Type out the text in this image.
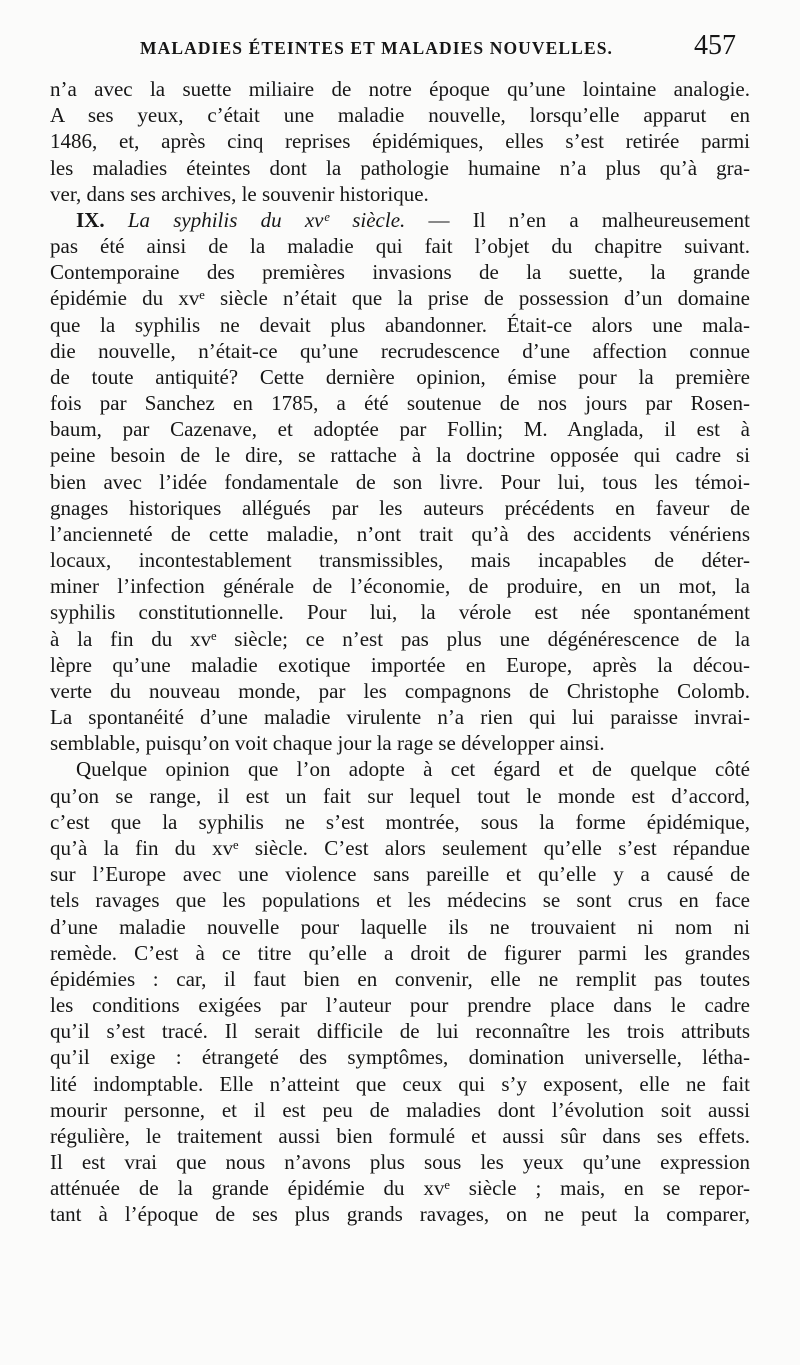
MALADIES ÉTEINTES ET MALADIES NOUVELLES.	457
n’a avec la suette miliaire de notre époque qu’une lointaine analogie.
A ses yeux, c’était une maladie nouvelle, lorsqu’elle apparut en
1486, et, après cinq reprises épidémiques, elles s’est retirée parmi
les maladies éteintes dont la pathologie humaine n’a plus qu’à gra-
ver, dans ses archives, le souvenir historique.
IX. La syphilis du xvᵉ siècle. — Il n’en a malheureusement
pas été ainsi de la maladie qui fait l’objet du chapitre suivant.
Contemporaine des premières invasions de la suette, la grande
épidémie du xvᵉ siècle n’était que la prise de possession d’un domaine
que la syphilis ne devait plus abandonner. Était-ce alors une mala-
die nouvelle, n’était-ce qu’une recrudescence d’une affection connue
de toute antiquité? Cette dernière opinion, émise pour la première
fois par Sanchez en 1785, a été soutenue de nos jours par Rosen-
baum, par Cazenave, et adoptée par Follin; M. Anglada, il est à
peine besoin de le dire, se rattache à la doctrine opposée qui cadre si
bien avec l’idée fondamentale de son livre. Pour lui, tous les témoi-
gnages historiques allégués par les auteurs précédents en faveur de
l’ancienneté de cette maladie, n’ont trait qu’à des accidents vénériens
locaux, incontestablement transmissibles, mais incapables de déter-
miner l’infection générale de l’économie, de produire, en un mot, la
syphilis constitutionnelle. Pour lui, la vérole est née spontanément
à la fin du xvᵉ siècle; ce n’est pas plus une dégénérescence de la
lèpre qu’une maladie exotique importée en Europe, après la décou-
verte du nouveau monde, par les compagnons de Christophe Colomb.
La spontanéité d’une maladie virulente n’a rien qui lui paraisse invrai-
semblable, puisqu’on voit chaque jour la rage se développer ainsi.
Quelque opinion que l’on adopte à cet égard et de quelque côté
qu’on se range, il est un fait sur lequel tout le monde est d’accord,
c’est que la syphilis ne s’est montrée, sous la forme épidémique,
qu’à la fin du xvᵉ siècle. C’est alors seulement qu’elle s’est répandue
sur l’Europe avec une violence sans pareille et qu’elle y a causé de
tels ravages que les populations et les médecins se sont crus en face
d’une maladie nouvelle pour laquelle ils ne trouvaient ni nom ni
remède. C’est à ce titre qu’elle a droit de figurer parmi les grandes
épidémies : car, il faut bien en convenir, elle ne remplit pas toutes
les conditions exigées par l’auteur pour prendre place dans le cadre
qu’il s’est tracé. Il serait difficile de lui reconnaître les trois attributs
qu’il exige : étrangeté des symptômes, domination universelle, létha-
lité indomptable. Elle n’atteint que ceux qui s’y exposent, elle ne fait
mourir personne, et il est peu de maladies dont l’évolution soit aussi
régulière, le traitement aussi bien formulé et aussi sûr dans ses effets.
Il est vrai que nous n’avons plus sous les yeux qu’une expression
atténuée de la grande épidémie du xvᵉ siècle ; mais, en se repor-
tant à l’époque de ses plus grands ravages, on ne peut la comparer,
